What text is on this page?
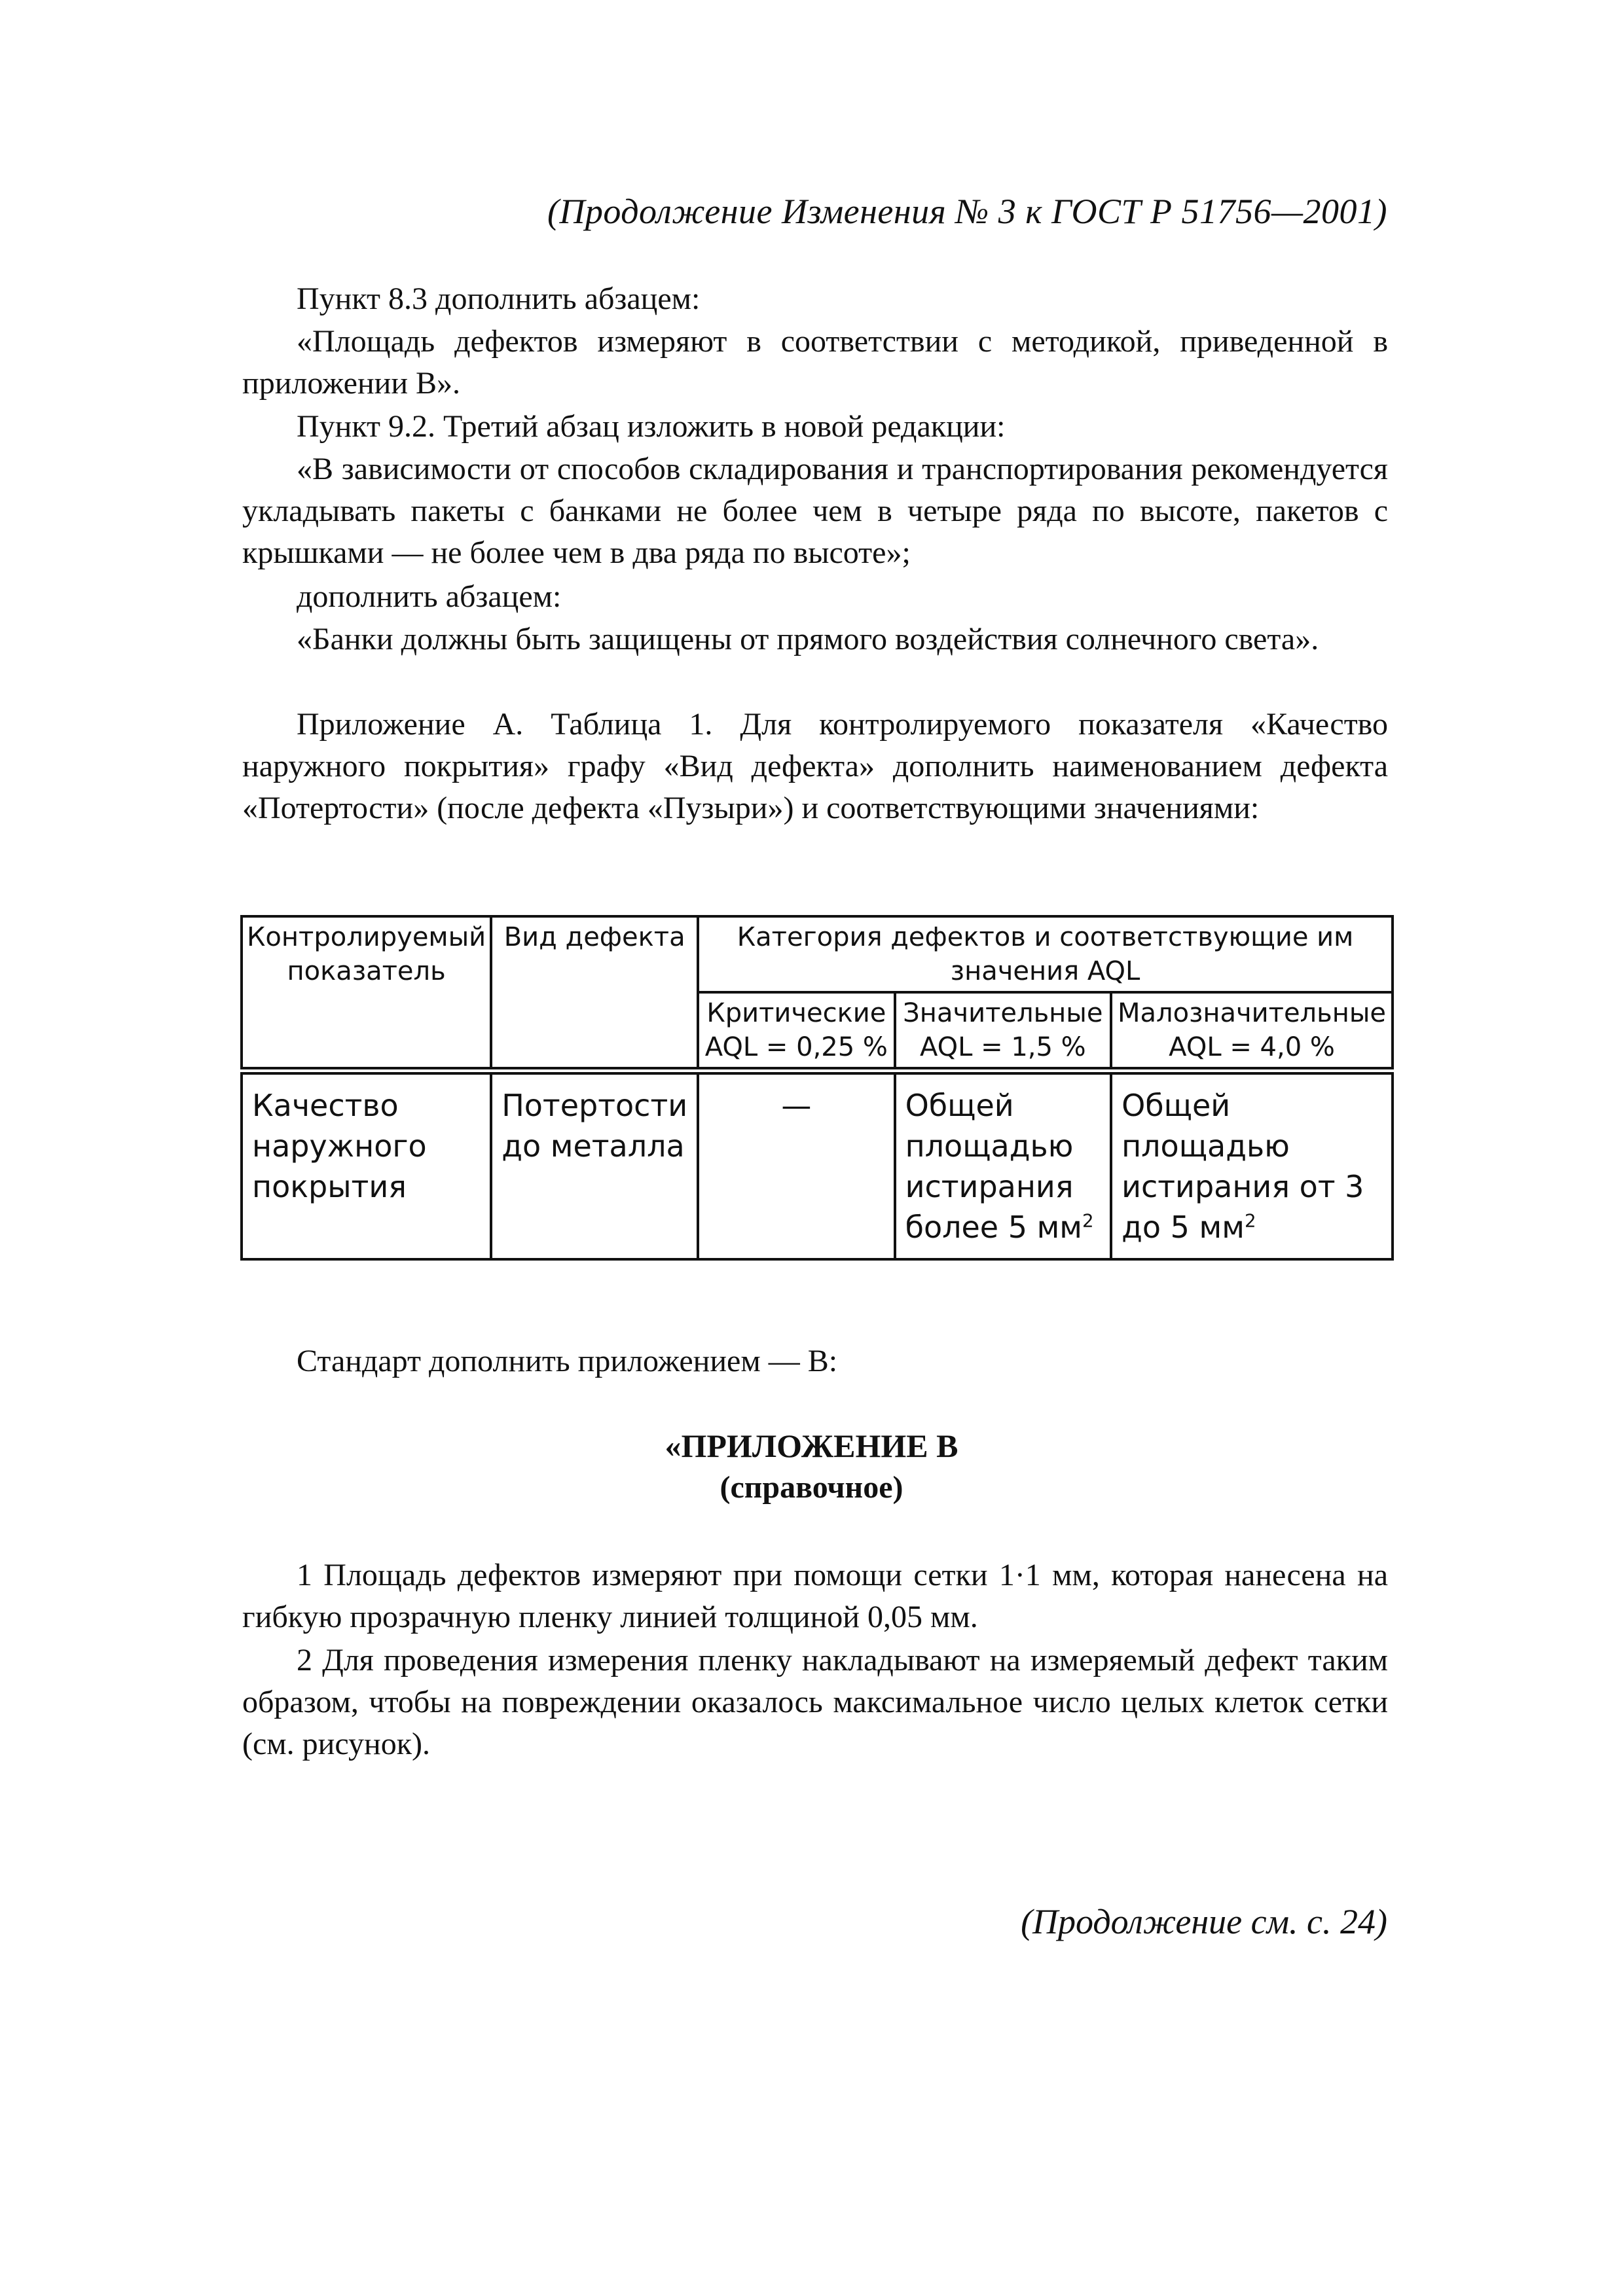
(Продолжение Изменения № 3 к ГОСТ Р 51756—2001)
Пункт 8.3 дополнить абзацем:
«Площадь дефектов измеряют в соответствии с методикой, приведенной в приложении В».
Пункт 9.2. Третий абзац изложить в новой редакции:
«В зависимости от способов складирования и транспортирования рекомендуется укладывать пакеты с банками не более чем в четыре ряда по высоте, пакетов с крышками — не более чем в два ряда по высоте»;
дополнить абзацем:
«Банки должны быть защищены от прямого воздействия солнечного света».
Приложение А. Таблица 1. Для контролируемого показателя «Качество наружного покрытия» графу «Вид дефекта» дополнить наименованием дефекта «Потертости» (после дефекта «Пузыри») и соответствующими значениями:
Контролируемый показатель	Вид дефекта	Категория дефектов и соответствующие им значения AQL		
		Критические AQL = 0,25 %	Значительные AQL = 1,5 %	Малозначительные AQL = 4,0 %
Качество наружного покрытия	Потертости до металла	—	Общей площадью истирания более 5 $мм^2$	Общей площадью истирания от 3 до 5 $мм^2$
Стандарт дополнить приложением — В:
«ПРИЛОЖЕНИЕ В
(справочное)
1 Площадь дефектов измеряют при помощи сетки 1·1 мм, которая нанесена на гибкую прозрачную пленку линией толщиной 0,05 мм.
2 Для проведения измерения пленку накладывают на измеряемый дефект таким образом, чтобы на повреждении оказалось максимальное число целых клеток сетки (см. рисунок).
(Продолжение см. с. 24)
